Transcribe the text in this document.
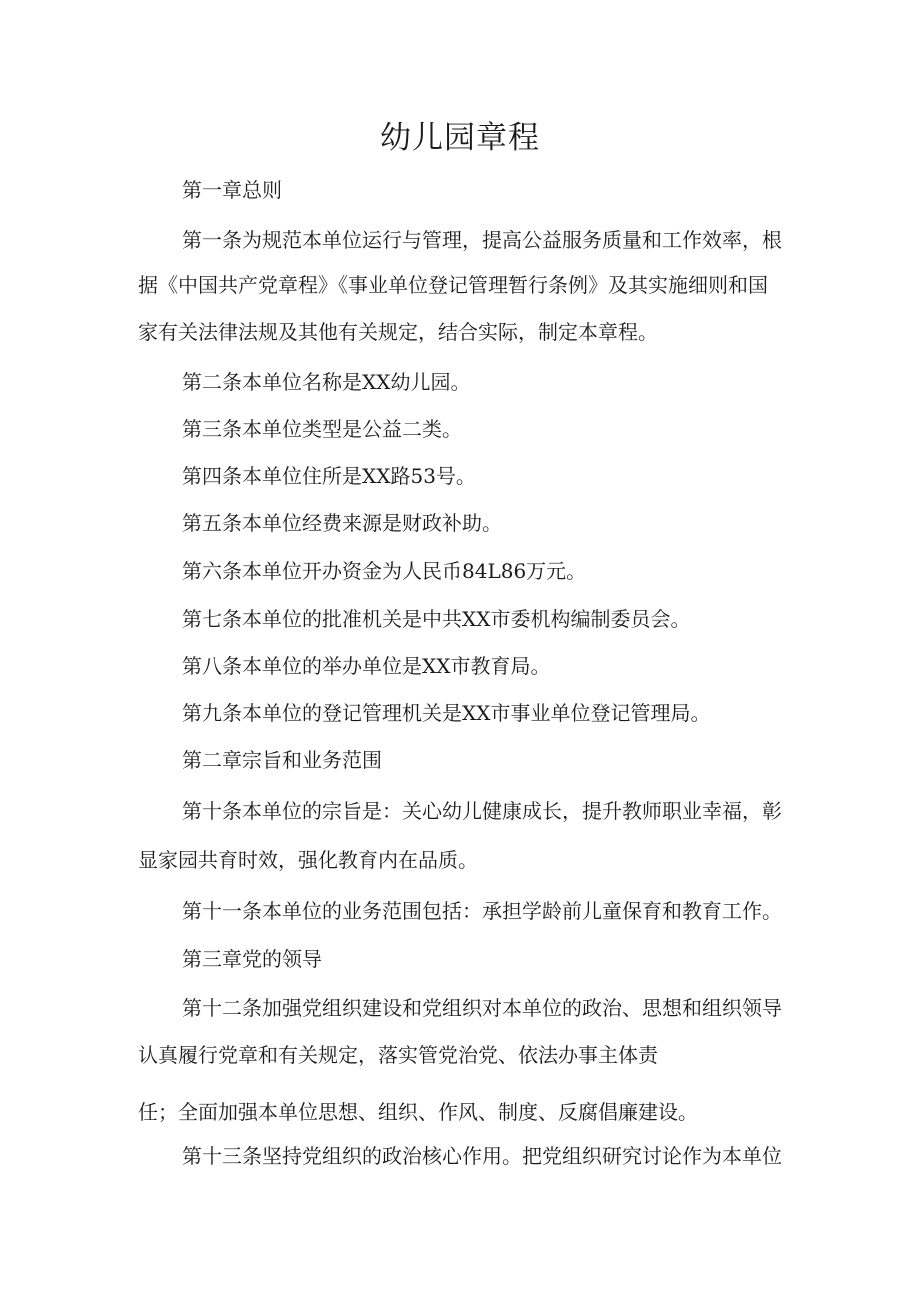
幼儿园章程
第一章总则
第一条为规范本单位运行与管理，提高公益服务质量和工作效率，根
据《中国共产党章程》《事业单位登记管理暂行条例》及其实施细则和国
家有关法律法规及其他有关规定，结合实际，制定本章程。
第二条本单位名称是XX幼儿园。
第三条本单位类型是公益二类。
第四条本单位住所是XX路53号。
第五条本单位经费来源是财政补助。
第六条本单位开办资金为人民币84L86万元。
第七条本单位的批准机关是中共XX市委机构编制委员会。
第八条本单位的举办单位是XX市教育局。
第九条本单位的登记管理机关是XX市事业单位登记管理局。
第二章宗旨和业务范围
第十条本单位的宗旨是：关心幼儿健康成长，提升教师职业幸福，彰
显家园共育时效，强化教育内在品质。
第十一条本单位的业务范围包括：承担学龄前儿童保育和教育工作。
第三章党的领导
第十二条加强党组织建设和党组织对本单位的政治、思想和组织领导
认真履行党章和有关规定，落实管党治党、依法办事主体责
任；全面加强本单位思想、组织、作风、制度、反腐倡廉建设。
第十三条坚持党组织的政治核心作用。把党组织研究讨论作为本单位
